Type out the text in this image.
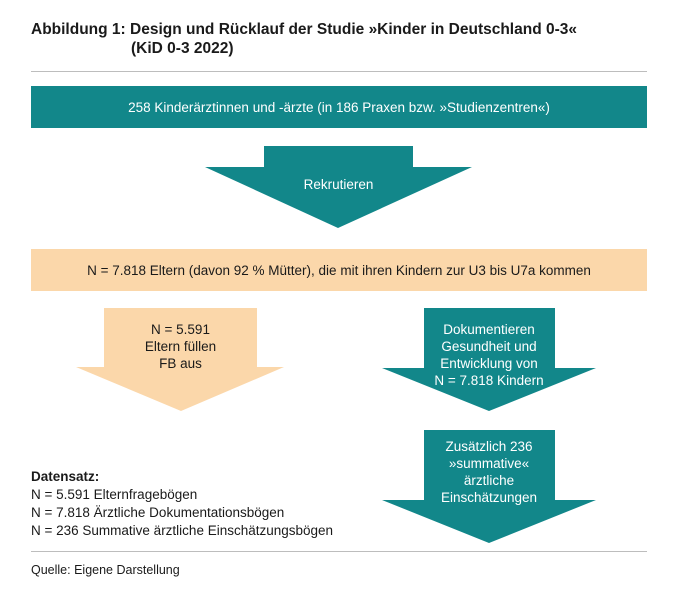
Abbildung 1: Design und Rücklauf der Studie »Kinder in Deutschland 0-3«
(KiD 0-3 2022)
258 Kinderärztinnen und -ärzte (in 186 Praxen bzw. »Studienzentren«)
Rekrutieren
N = 7.818 Eltern (davon 92 % Mütter), die mit ihren Kindern zur U3 bis U7a kommen
N = 5.591
Eltern füllen
FB aus
Dokumentieren
Gesundheit und
Entwicklung von
N = 7.818 Kindern
Zusätzlich 236
»summative«
ärztliche
Einschätzungen
Datensatz:
N = 5.591 Elternfragebögen
N = 7.818 Ärztliche Dokumentationsbögen
N = 236 Summative ärztliche Einschätzungsbögen
Quelle: Eigene Darstellung
